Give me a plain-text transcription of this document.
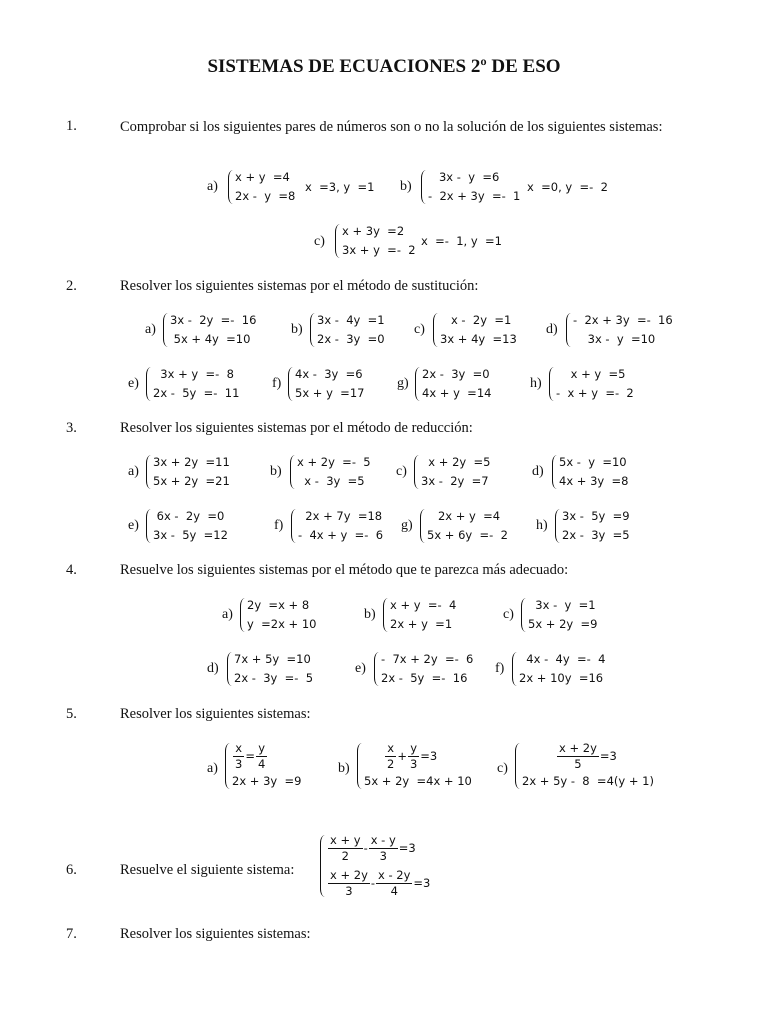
SISTEMAS DE ECUACIONES 2º DE ESO
1.	Comprobar si los siguientes pares de números son o no la solución de los siguientes sistemas:
a)
x + y  =4
2x -  y  =8
x  =3, y  =1 b)
3x -  y  =6
-  2x + 3y  =-  1
x  =0, y  =-  2
c)
x + 3y  =2
3x + y  =-  2
x  =-  1, y  =1
2.	Resolver los siguientes sistemas por el método de sustitución:
a)
3x -  2y  =-  16
5x + 4y  =10
b)
3x -  4y  =1
2x -  3y  =0
c)
x -  2y  =1
3x + 4y  =13
d)
-  2x + 3y  =-  16
3x -  y  =10
e)
3x + y  =-  8
2x -  5y  =-  11
f)
4x -  3y  =6
5x + y  =17
g)
2x -  3y  =0
4x + y  =14
h)
x + y  =5
-  x + y  =-  2
3.	Resolver los siguientes sistemas por el método de reducción:
a)
3x + 2y  =11
5x + 2y  =21
b)
x + 2y  =-  5
x -  3y  =5
c)
x + 2y  =5
3x -  2y  =7
d)
5x -  y  =10
4x + 3y  =8
e)
6x -  2y  =0
3x -  5y  =12
f)
2x + 7y  =18
-  4x + y  =-  6
g)
2x + y  =4
5x + 6y  =-  2
h)
3x -  5y  =9
2x -  3y  =5
4.	Resuelve los siguientes sistemas por el método que te parezca más adecuado:
a)
2y  =x + 8
y  =2x + 10
b)
x + y  =-  4
2x + y  =1
c)
3x -  y  =1
5x + 2y  =9
d)
7x + 5y  =10
2x -  3y  =-  5
e)
-  7x + 2y  =-  6
2x -  5y  =-  16
f)
4x -  4y  =-  4
2x + 10y  =16
5.	Resolver los siguientes sistemas:
$a) \frac{x}{3} = \frac{y}{4}$
2x + 3y  =9
b)	$\frac{x}{2} + \frac{y}{3} =3$
5x + 2y  =4x + 10
c)	$\frac{x + 2y}{5} =3$
2x + 5y -  8  =4(y + 1)
6.	Resuelve el siguiente sistema:
$\frac{x + y}{2} - \frac{x - y}{3} =3$
$\frac{x + 2y}{3} - \frac{x - 2y}{4} =3$
7.	Resolver los siguientes sistemas:
